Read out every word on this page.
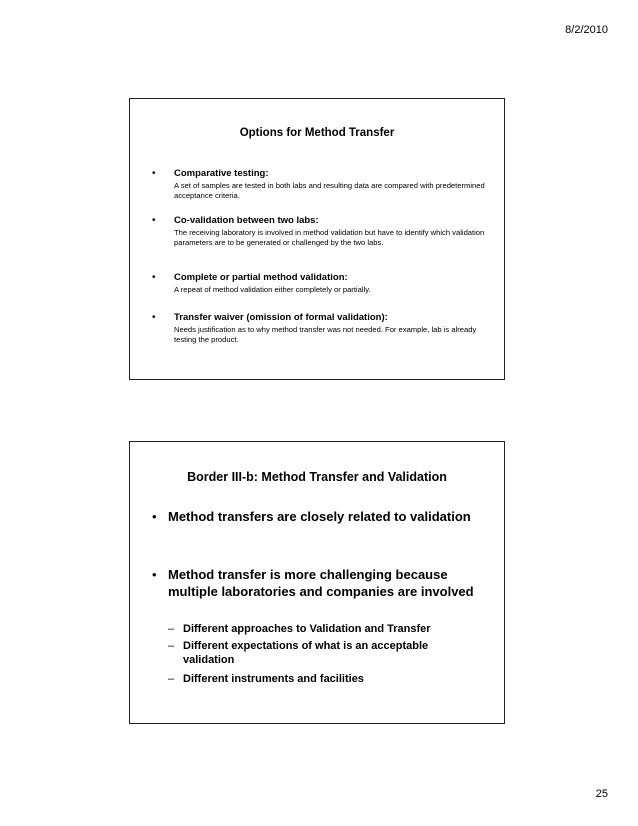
8/2/2010
Options for Method Transfer
• Comparative testing:
A set of samples are tested in both labs and resulting data are compared with predetermined acceptance criteria.
• Co-validation between two labs:
The receiving laboratory is involved in method validation but have to identify which validation parameters are to be generated or challenged by the two labs.
• Complete or partial method validation:
A repeat of method validation either completely or partially.
• Transfer waiver (omission of formal validation):
Needs justification as to why method transfer was not needed. For example, lab is already testing the product.
Border III-b: Method Transfer and Validation
• Method transfers are closely related to validation
• Method transfer is more challenging because multiple laboratories and companies are involved
– Different approaches to Validation and Transfer
– Different expectations of what is an acceptable validation
– Different instruments and facilities
25
